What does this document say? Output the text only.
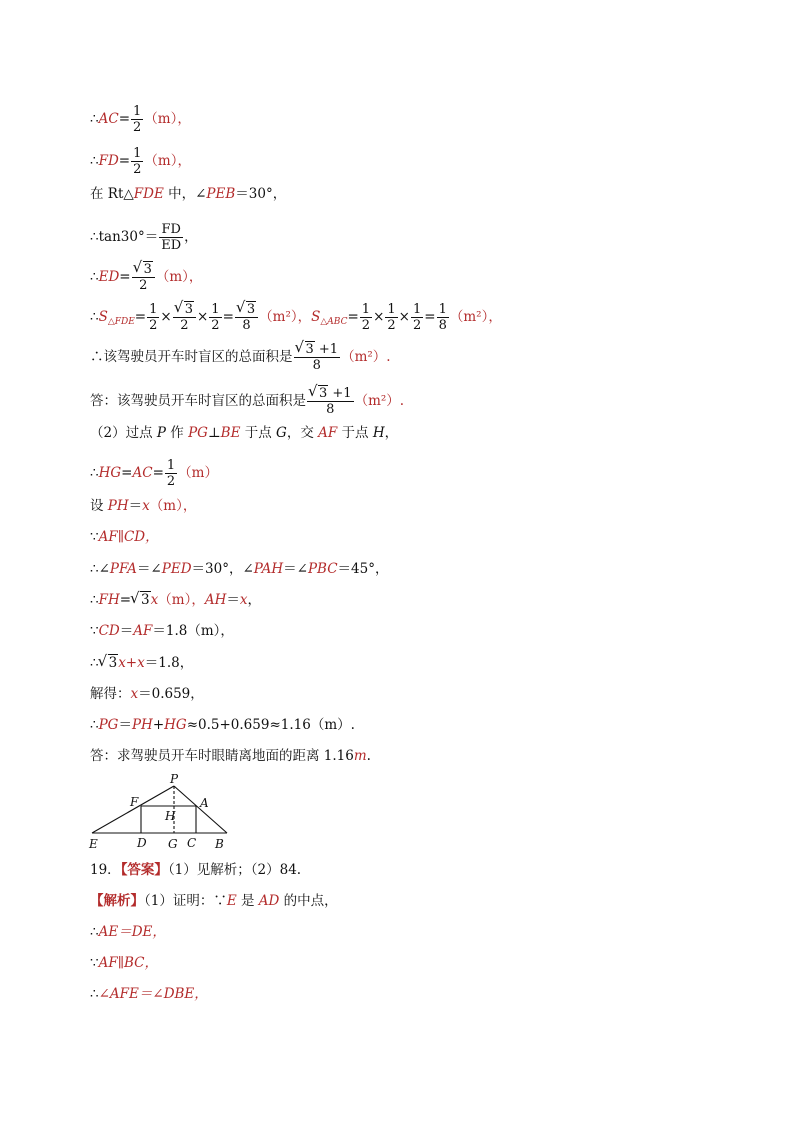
∴AC= $\frac{1}{2} (m)$，
∴FD= $\frac{1}{2} (m)$，
在 Rt△FDE 中，∠PEB＝30°，
∴tan30°＝ $\frac{FD}{ED}$ ，
∴ED= √ $\frac{3}{2} (m)$，
$\therefore S_{\triangle FDE}= \frac{1}{2}$ × √ $\frac{3}{2} \times \frac{1}{2}$ = √ $\frac{3}{8} (m^2)$，$S_{\triangle ABC}= \frac{1}{2} \times \frac{1}{2} \times \frac{1}{2} = \frac{1}{8} (m^2)$，
∴该驾驶员开车时盲区的总面积是 √ $\frac{3 +1}{8} (m^2)$.
答：该驾驶员开车时盲区的总面积是 √ $\frac{3 +1}{8} (m^2)$.
（2）过点 P 作 PG⊥BE 于点 G，交 AF 于点 H，
∴HG=AC= $\frac{1}{2} (m)$
设 PH＝x（m），
∵AF∥CD，
∴∠PFA＝∠PED＝30°，∠PAH＝∠PBC＝45°，
∴FH= √ 3x（m），AH＝x，
∵CD＝AF＝1.8（m），
∴ √ 3x+x＝1.8，
解得：x＝0.659，
∴PG＝PH+HG≈0.5+0.659≈1.16（m）.
答：求驾驶员开车时眼睛离地面的距离 1.16m.
P
F	A
H
E	D G C B
19．【答案】（1）见解析；（2）84.
【解析】（1）证明：∵E 是 AD 的中点，
∴AE＝DE，
∵AF∥BC，
∴∠AFE＝∠DBE，
